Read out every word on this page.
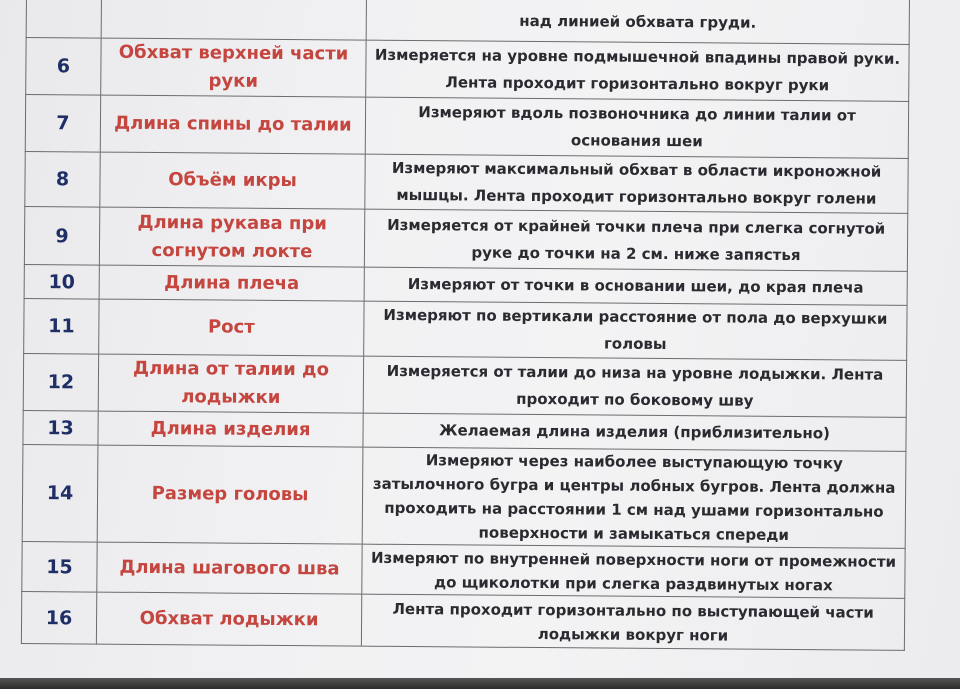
		над линией обхвата груди.
6	Обхват верхней части руки	Измеряется на уровне подмышечной впадины правой руки. Лента проходит горизонтально вокруг руки
7	Длина спины до талии	Измеряют вдоль позвоночника до линии талии от основания шеи
8	Объём икры	Измеряют максимальный обхват в области икроножной мышцы. Лента проходит горизонтально вокруг голени
9	Длина рукава при согнутом локте	Измеряется от крайней точки плеча при слегка согнутой руке до точки на 2 см. ниже запястья
10	Длина плеча	Измеряют от точки в основании шеи, до края плеча
11	Рост	Измеряют по вертикали расстояние от пола до верхушки головы
12	Длина от талии до лодыжки	Измеряется от талии до низа на уровне лодыжки. Лента проходит по боковому шву
13	Длина изделия	Желаемая длина изделия (приблизительно)
14	Размер головы	Измеряют через наиболее выступающую точку затылочного бугра и центры лобных бугров. Лента должна проходить на расстоянии 1 см над ушами горизонтально поверхности и замыкаться спереди
15	Длина шагового шва	Измеряют по внутренней поверхности ноги от промежности до щиколотки при слегка раздвинутых ногах
16	Обхват лодыжки	Лента проходит горизонтально по выступающей части лодыжки вокруг ноги
